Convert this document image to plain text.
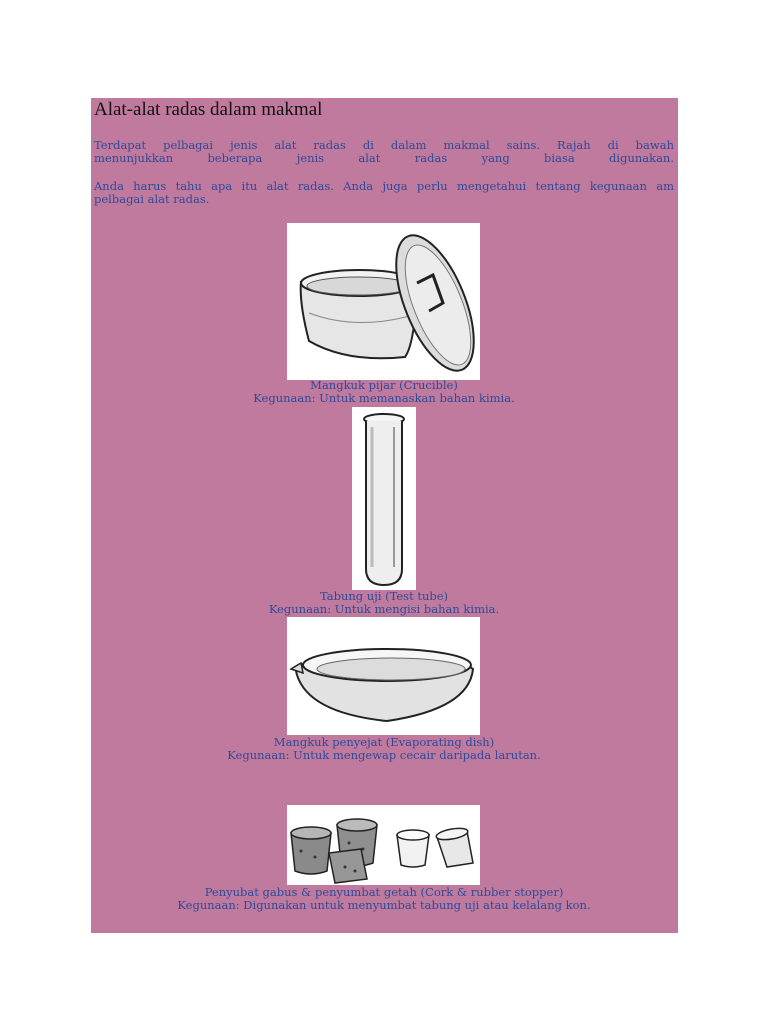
Alat-alat radas dalam makmal
Terdapat pelbagai jenis alat radas di dalam makmal sains. Rajah di bawah
menunjukkan beberapa jenis alat radas yang biasa digunakan.
Anda harus tahu apa itu alat radas. Anda juga perlu mengetahui tentang kegunaan am
pelbagai alat radas.
Mangkuk pijar (Crucible)
Kegunaan: Untuk memanaskan bahan kimia.
Tabung uji (Test tube)
Kegunaan: Untuk mengisi bahan kimia.
Mangkuk penyejat (Evaporating dish)
Kegunaan: Untuk mengewap cecair daripada larutan.
Penyubat gabus & penyumbat getah (Cork & rubber stopper)
Kegunaan: Digunakan untuk menyumbat tabung uji atau kelalang kon.
